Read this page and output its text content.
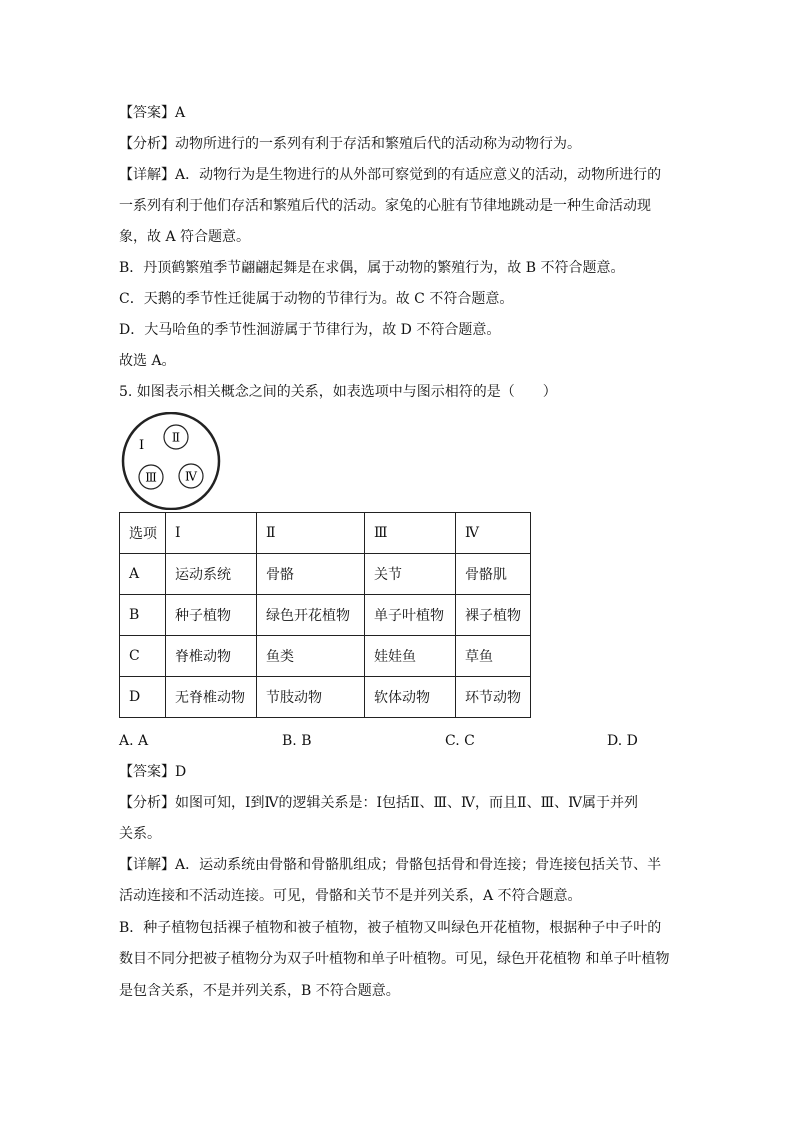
【答案】A
【分析】动物所进行的一系列有利于存活和繁殖后代的活动称为动物行为。
【详解】A．动物行为是生物进行的从外部可察觉到的有适应意义的活动，动物所进行的
一系列有利于他们存活和繁殖后代的活动。家兔的心脏有节律地跳动是一种生命活动现
象，故 A 符合题意。
B．丹顶鹤繁殖季节翩翩起舞是在求偶，属于动物的繁殖行为，故 B 不符合题意。
C．天鹅的季节性迁徙属于动物的节律行为。故 C 不符合题意。
D．大马哈鱼的季节性洄游属于节律行为，故 D 不符合题意。
故选 A。
5. 如图表示相关概念之间的关系，如表选项中与图示相符的是（　　）
I
Ⅱ
Ⅲ Ⅳ
选项	I	Ⅱ	Ⅲ	Ⅳ
A	运动系统	骨骼	关节	骨骼肌
B	种子植物	绿色开花植物	单子叶植物	裸子植物
C	脊椎动物	鱼类	娃娃鱼	草鱼
D	无脊椎动物	节肢动物	软体动物	环节动物
A. A	B. B	C. C	D. D
【答案】D
【分析】如图可知，Ⅰ到Ⅳ的逻辑关系是：Ⅰ包括Ⅱ、Ⅲ、Ⅳ，而且Ⅱ、Ⅲ、Ⅳ属于并列
关系。
【详解】A．运动系统由骨骼和骨骼肌组成；骨骼包括骨和骨连接；骨连接包括关节、半
活动连接和不活动连接。可见，骨骼和关节不是并列关系，A 不符合题意。
B．种子植物包括裸子植物和被子植物，被子植物又叫绿色开花植物，根据种子中子叶的
数目不同分把被子植物分为双子叶植物和单子叶植物。可见，绿色开花植物 和单子叶植物
是包含关系，不是并列关系，B 不符合题意。
